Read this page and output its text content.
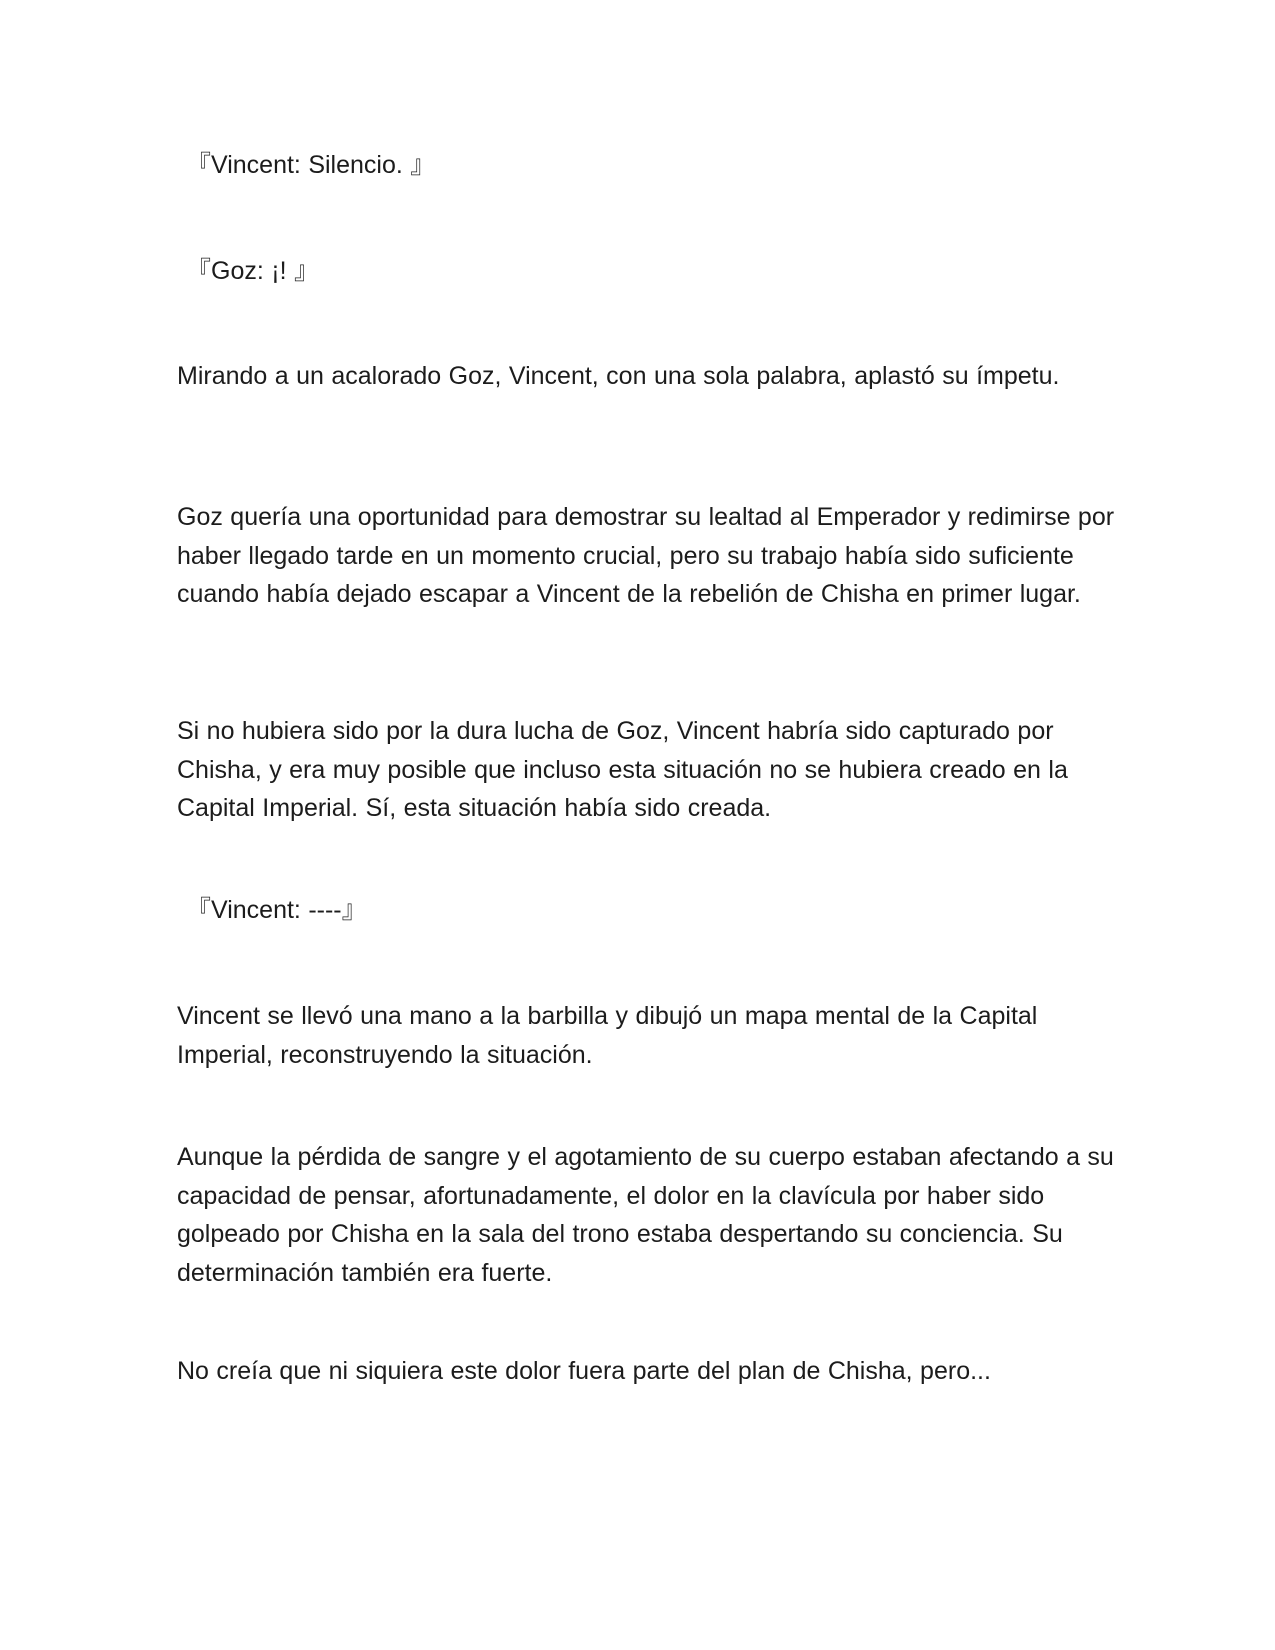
『Vincent: Silencio. 』

『Goz: ¡! 』

Mirando a un acalorado Goz, Vincent, con una sola palabra, aplastó su ímpetu.

Goz quería una oportunidad para demostrar su lealtad al Emperador y redimirse por haber llegado tarde en un momento crucial, pero su trabajo había sido suficiente cuando había dejado escapar a Vincent de la rebelión de Chisha en primer lugar.

Si no hubiera sido por la dura lucha de Goz, Vincent habría sido capturado por Chisha, y era muy posible que incluso esta situación no se hubiera creado en la Capital Imperial. Sí, esta situación había sido creada.

『Vincent: ----』

Vincent se llevó una mano a la barbilla y dibujó un mapa mental de la Capital Imperial, reconstruyendo la situación.

Aunque la pérdida de sangre y el agotamiento de su cuerpo estaban afectando a su capacidad de pensar, afortunadamente, el dolor en la clavícula por haber sido golpeado por Chisha en la sala del trono estaba despertando su conciencia. Su determinación también era fuerte.

No creía que ni siquiera este dolor fuera parte del plan de Chisha, pero...
